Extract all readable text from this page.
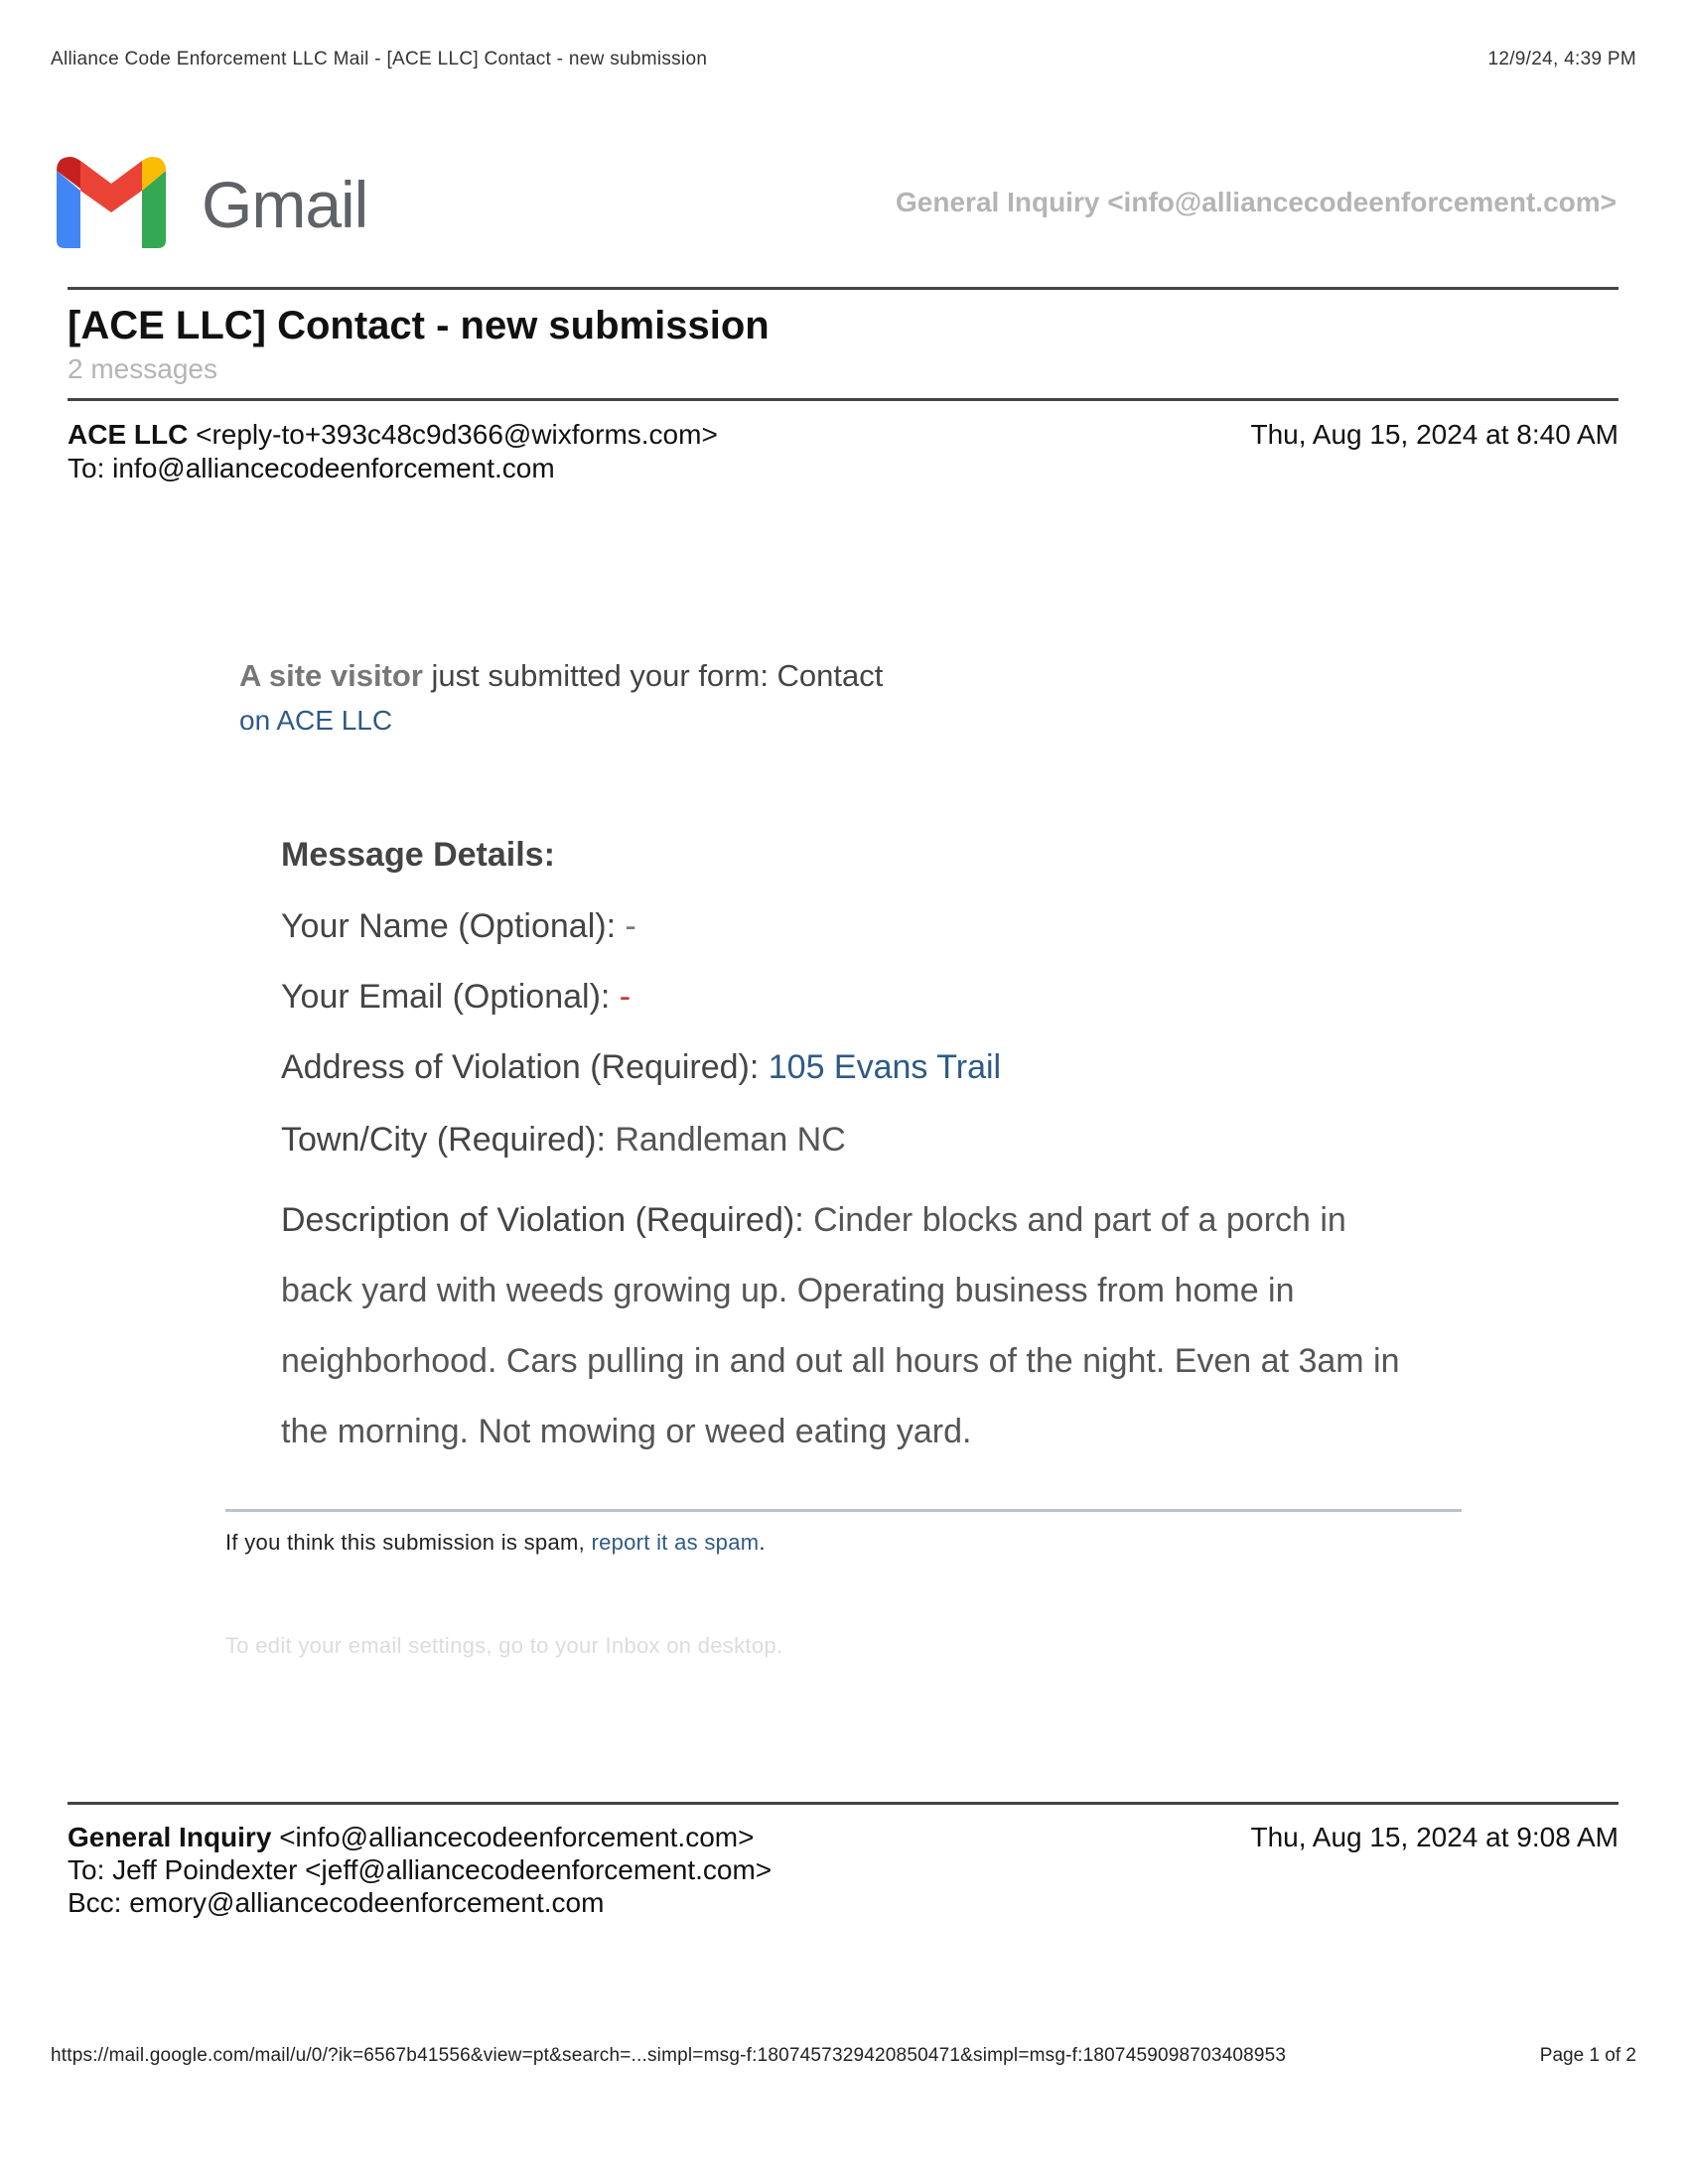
Alliance Code Enforcement LLC Mail - [ACE LLC] Contact - new submission	12/9/24, 4:39 PM
Gmail	General Inquiry <info@alliancecodeenforcement.com>
[ACE LLC] Contact - new submission
2 messages
ACE LLC <reply-to+393c48c9d366@wixforms.com>	Thu, Aug 15, 2024 at 8:40 AM
To: info@alliancecodeenforcement.com
A site visitor just submitted your form: Contact
on ACE LLC
Message Details:
Your Name (Optional): -
Your Email (Optional): -
Address of Violation (Required): 105 Evans Trail
Town/City (Required): Randleman NC
Description of Violation (Required): Cinder blocks and part of a porch in back yard with weeds growing up. Operating business from home in neighborhood. Cars pulling in and out all hours of the night. Even at 3am in the morning. Not mowing or weed eating yard.
If you think this submission is spam, report it as spam.
To edit your email settings, go to your Inbox on desktop.
General Inquiry <info@alliancecodeenforcement.com>	Thu, Aug 15, 2024 at 9:08 AM
To: Jeff Poindexter <jeff@alliancecodeenforcement.com>
Bcc: emory@alliancecodeenforcement.com
https://mail.google.com/mail/u/0/?ik=6567b41556&view=pt&search=...simpl=msg-f:1807457329420850471&simpl=msg-f:1807459098703408953	Page 1 of 2
